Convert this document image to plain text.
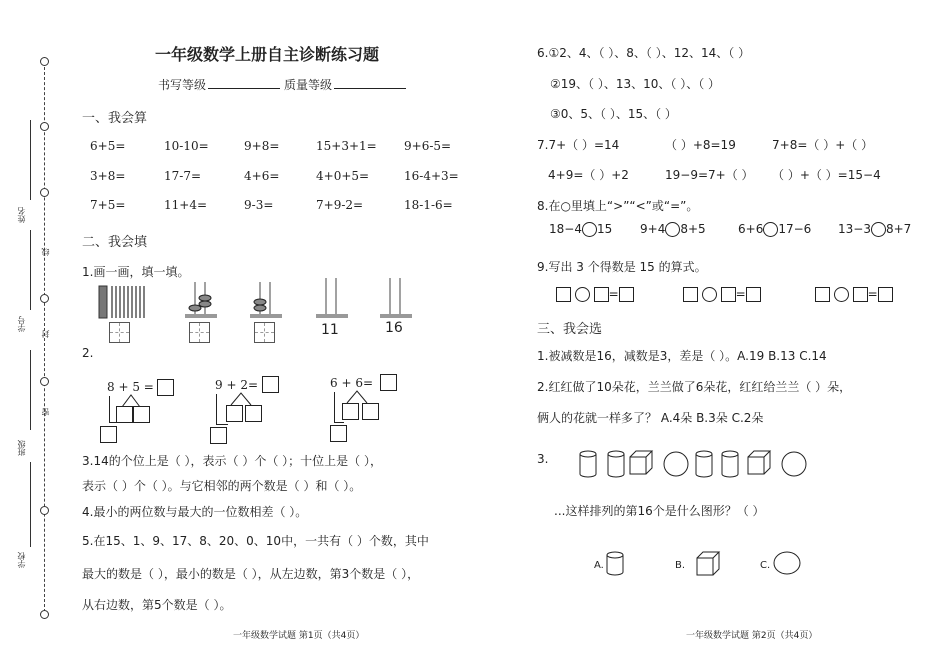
姓名
线
学号
封
密
班级
学校
一年级数学上册自主诊断练习题
书写等级	质量等级
一、我会算
6+5=	10-10=	9+8=	15+3+1= 9+6-5=
3+8=	17-7=	4+6=	4+0+5=	16-4+3=
7+5=	11+4=	9-3=	7+9-2=	18-1-6=
二、我会填
1.画一画，填一填。
11	16
2.
8 + 5 =	9 + 2=	6 + 6=
3.14的个位上是（ ），表示（ ）个（ ）；十位上是（ ），
表示（ ）个（ ）。与它相邻的两个数是（ ）和（ ）。
4.最小的两位数与最大的一位数相差（ ）。
5.在15、1、9、17、8、20、0、10中，一共有（ ）个数，其中
最大的数是（ ），最小的数是（ ），从左边数，第3个数是（ ），
从右边数，第5个数是（ ）。
一年级数学试题 第1页（共4页）
6.①2、4、（ ）、8、（ ）、12、14、（ ）
②19、（ ）、13、10、（ ）、（ ）
③0、5、（ ）、15、（ ）
7.7+（ ）=14	（ ）+8=19	7+8=（ ）+（ ）
4+9=（ ）+2	19−9=7+（ ） （ ）+（ ）=15−4
8.在○里填上“>”“<”或“=”。
18−4 15 9+4 8+5	6+6 17−6 13−3 8+7
9.写出 3 个得数是 15 的算式。
=	=	=
三、我会选
1.被减数是16，减数是3，差是（ ）。A.19 B.13 C.14
2.红红做了10朵花，兰兰做了6朵花，红红给兰兰（ ）朵，
俩人的花就一样多了？ A.4朵 B.3朵 C.2朵
3.
...这样排列的第16个是什么图形？（ ）
A.	B.	C.
一年级数学试题 第2页（共4页）
